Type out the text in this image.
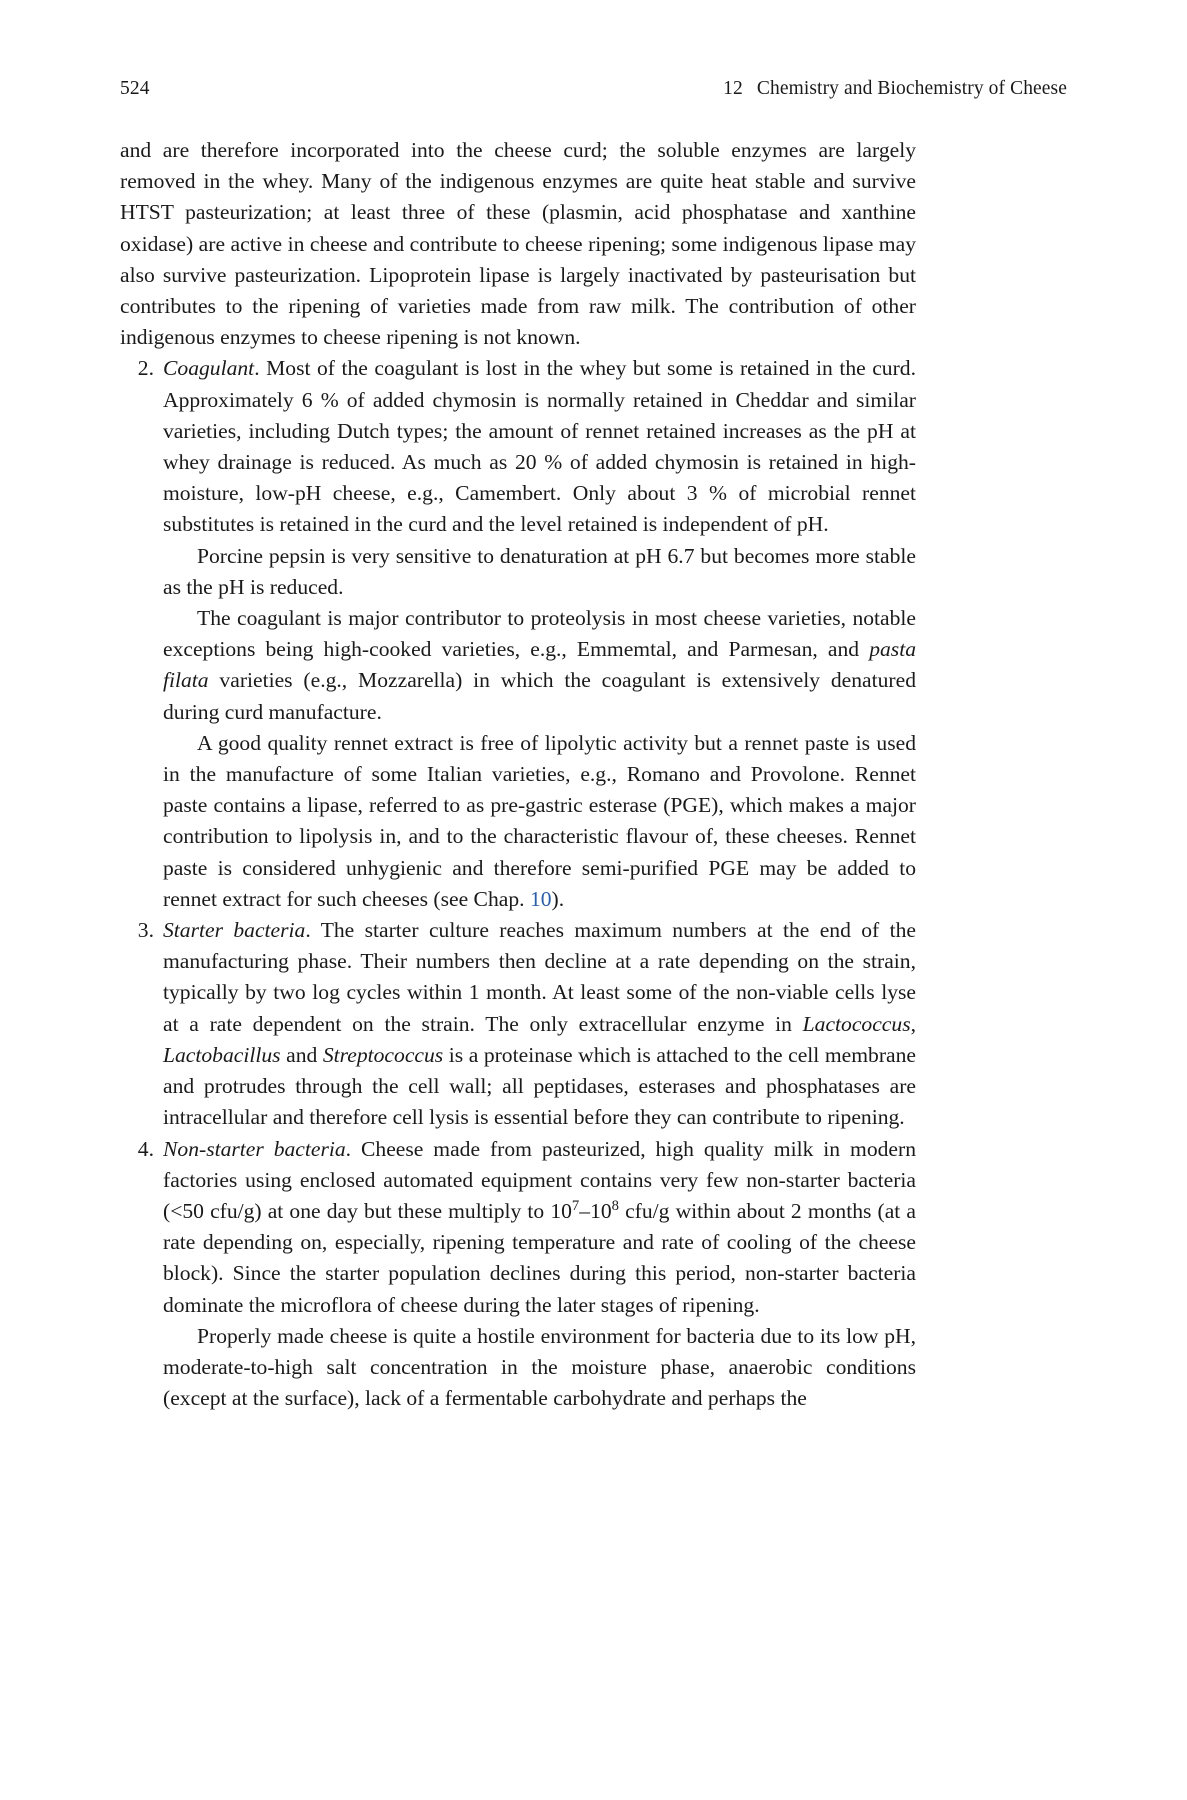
524	12 Chemistry and Biochemistry of Cheese

and are therefore incorporated into the cheese curd; the soluble enzymes are largely removed in the whey. Many of the indigenous enzymes are quite heat stable and survive HTST pasteurization; at least three of these (plasmin, acid phosphatase and xanthine oxidase) are active in cheese and contribute to cheese ripening; some indigenous lipase may also survive pasteurization. Lipoprotein lipase is largely inactivated by pasteurisation but contributes to the ripening of varieties made from raw milk. The contribution of other indigenous enzymes to cheese ripening is not known.

2. Coagulant. Most of the coagulant is lost in the whey but some is retained in the curd. Approximately 6 % of added chymosin is normally retained in Cheddar and similar varieties, including Dutch types; the amount of rennet retained increases as the pH at whey drainage is reduced. As much as 20 % of added chymosin is retained in high-moisture, low-pH cheese, e.g., Camembert. Only about 3 % of microbial rennet substitutes is retained in the curd and the level retained is independent of pH.
Porcine pepsin is very sensitive to denaturation at pH 6.7 but becomes more stable as the pH is reduced.
The coagulant is major contributor to proteolysis in most cheese varieties, notable exceptions being high-cooked varieties, e.g., Emmemtal, and Parmesan, and pasta filata varieties (e.g., Mozzarella) in which the coagulant is extensively denatured during curd manufacture.
A good quality rennet extract is free of lipolytic activity but a rennet paste is used in the manufacture of some Italian varieties, e.g., Romano and Provolone. Rennet paste contains a lipase, referred to as pre-gastric esterase (PGE), which makes a major contribution to lipolysis in, and to the characteristic flavour of, these cheeses. Rennet paste is considered unhygienic and therefore semi-purified PGE may be added to rennet extract for such cheeses (see Chap. 10).
3. Starter bacteria. The starter culture reaches maximum numbers at the end of the manufacturing phase. Their numbers then decline at a rate depending on the strain, typically by two log cycles within 1 month. At least some of the non-viable cells lyse at a rate dependent on the strain. The only extracellular enzyme in Lactococcus, Lactobacillus and Streptococcus is a proteinase which is attached to the cell membrane and protrudes through the cell wall; all peptidases, esterases and phosphatases are intracellular and therefore cell lysis is essential before they can contribute to ripening.
4. Non-starter bacteria. Cheese made from pasteurized, high quality milk in modern factories using enclosed automated equipment contains very few non-starter bacteria (<50 cfu/g) at one day but these multiply to $10^7-10^8$ cfu/g within about 2 months (at a rate depending on, especially, ripening temperature and rate of cooling of the cheese block). Since the starter population declines during this period, non-starter bacteria dominate the microflora of cheese during the later stages of ripening.
Properly made cheese is quite a hostile environment for bacteria due to its low pH, moderate-to-high salt concentration in the moisture phase, anaerobic conditions (except at the surface), lack of a fermentable carbohydrate and perhaps the
